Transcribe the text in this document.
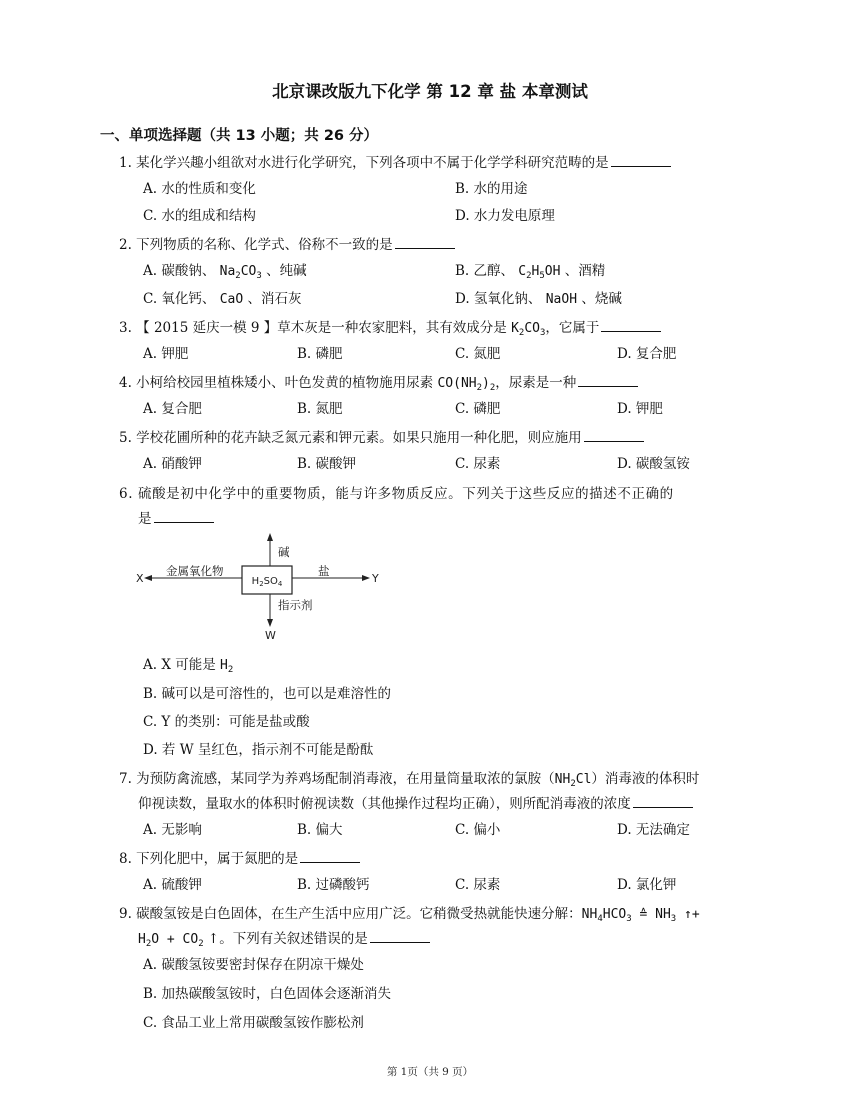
北京课改版九下化学 第 12 章 盐 本章测试
一、单项选择题（共 13 小题；共 26 分）
1. 某化学兴趣小组欲对水进行化学研究，下列各项中不属于化学学科研究范畴的是
A. 水的性质和变化	B. 水的用途
C. 水的组成和结构	D. 水力发电原理
2. 下列物质的名称、化学式、俗称不一致的是
A. 碳酸钠、 $Na_2CO_3$ 、纯碱	B. 乙醇、 $C_2H_5OH$ 、酒精
C. 氧化钙、 CaO 、消石灰	D. 氢氧化钠、 NaOH 、烧碱
3. 【 2015 延庆一模 9 】草木灰是一种农家肥料，其有效成分是 $K_2CO_3$，它属于
A. 钾肥	B. 磷肥	C. 氮肥	D. 复合肥
4. 小柯给校园里植株矮小、叶色发黄的植物施用尿素 $CO(NH_2)_2$，尿素是一种
A. 复合肥	B. 氮肥	C. 磷肥	D. 钾肥
5. 学校花圃所种的花卉缺乏氮元素和钾元素。如果只施用一种化肥，则应施用
A. 硝酸钾	B. 碳酸钾	C. 尿素	D. 碳酸氢铵
6. 硫酸是初中化学中的重要物质，能与许多物质反应。下列关于这些反应的描述不正确的
是
$H_2SO_4$
X
金属氧化物
Y
盐
碱
指示剂
W
A. X 可能是 $H_2$
B. 碱可以是可溶性的，也可以是难溶性的
C. Y 的类别：可能是盐或酸
D. 若 W 呈红色，指示剂不可能是酚酞
7. 为预防禽流感，某同学为养鸡场配制消毒液，在用量筒量取浓的氯胺$(NH_2Cl)$消毒液的体积时
仰视读数，量取水的体积时俯视读数（其他操作过程均正确），则所配消毒液的浓度
A. 无影响	B. 偏大	C. 偏小	D. 无法确定
8. 下列化肥中，属于氮肥的是
A. 硫酸钾	B. 过磷酸钙	C. 尿素	D. 氯化钾
9. 碳酸氢铵是白色固体，在生产生活中应用广泛。它稍微受热就能快速分解：$NH_4HCO_3$ ≙ $NH_3$ ↑+
$H_2O + CO_2$ ↑。下列有关叙述错误的是
A. 碳酸氢铵要密封保存在阴凉干燥处
B. 加热碳酸氢铵时，白色固体会逐渐消失
C. 食品工业上常用碳酸氢铵作膨松剂
第 1页（共 9 页）
